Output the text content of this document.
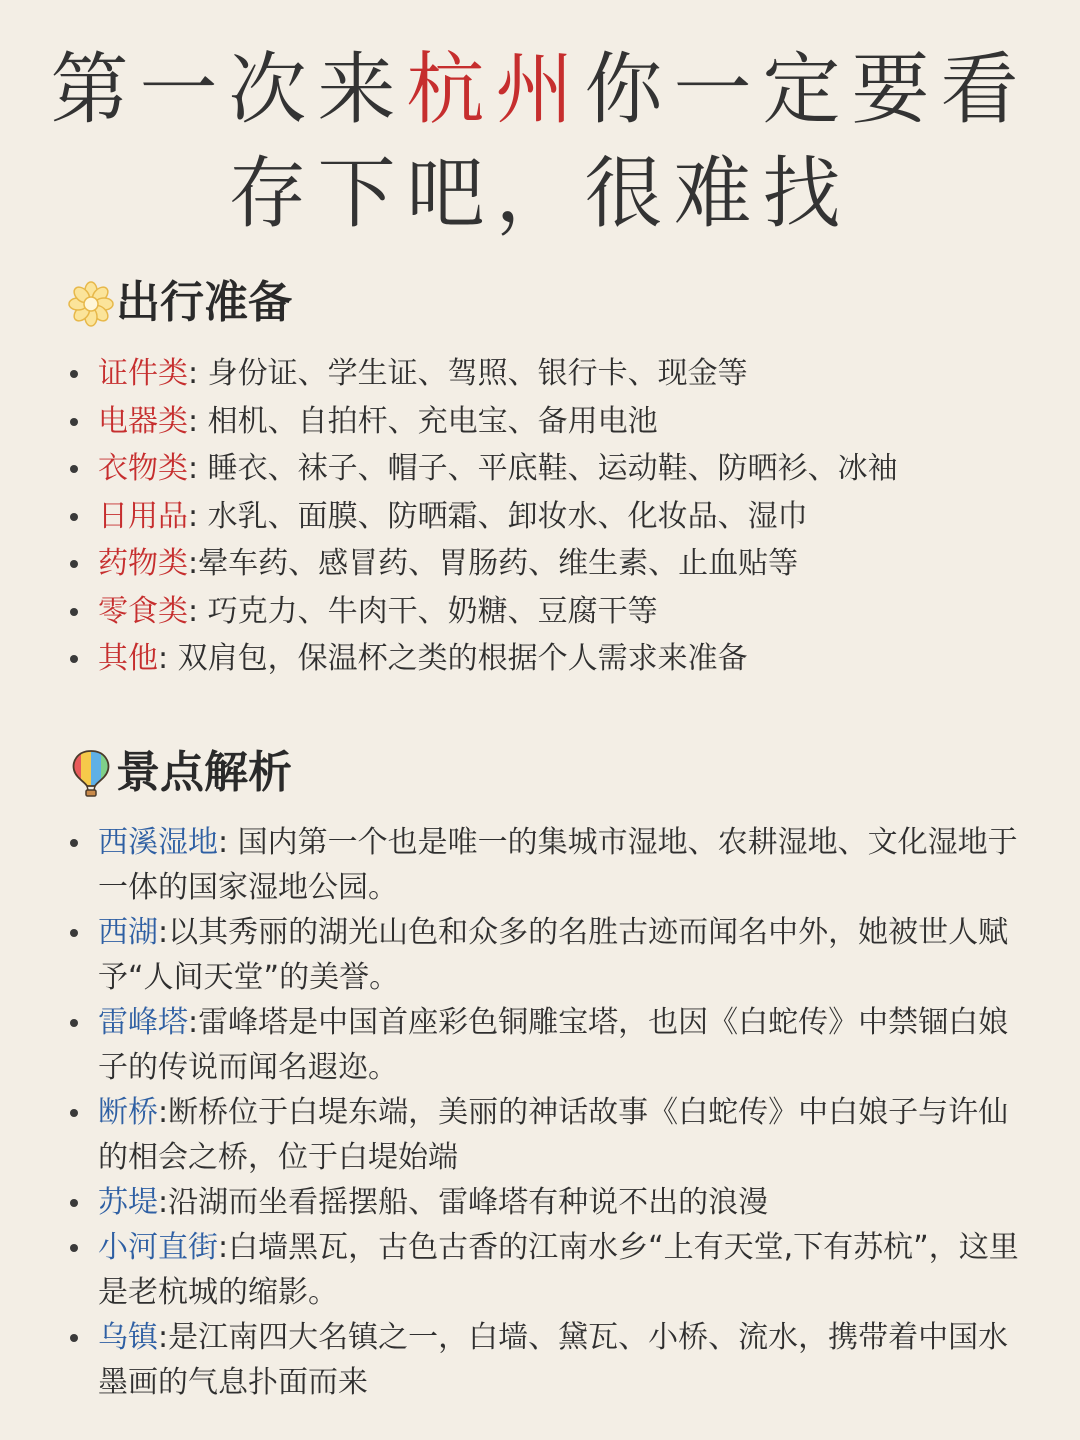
第一次来杭州你一定要看
存下吧，很难找
出行准备
证件类: 身份证、学生证、驾照、银行卡、现金等
电器类: 相机、自拍杆、充电宝、备用电池
衣物类: 睡衣、袜子、帽子、平底鞋、运动鞋、防晒衫、冰袖
日用品: 水乳、面膜、防晒霜、卸妆水、化妆品、湿巾
药物类:晕车药、感冒药、胃肠药、维生素、止血贴等
零食类: 巧克力、牛肉干、奶糖、豆腐干等
其他: 双肩包，保温杯之类的根据个人需求来准备
景点解析
西溪湿地: 国内第一个也是唯一的集城市湿地、农耕湿地、文化湿地于一体的国家湿地公园。
西湖:以其秀丽的湖光山色和众多的名胜古迹而闻名中外，她被世人赋予“人间天堂”的美誉。
雷峰塔:雷峰塔是中国首座彩色铜雕宝塔，也因《白蛇传》中禁锢白娘子的传说而闻名遐迩。
断桥:断桥位于白堤东端，美丽的神话故事《白蛇传》中白娘子与许仙的相会之桥，位于白堤始端
苏堤:沿湖而坐看摇摆船、雷峰塔有种说不出的浪漫
小河直街:白墙黑瓦，古色古香的江南水乡“上有天堂,下有苏杭”，这里是老杭城的缩影。
乌镇:是江南四大名镇之一，白墙、黛瓦、小桥、流水，携带着中国水墨画的气息扑面而来
